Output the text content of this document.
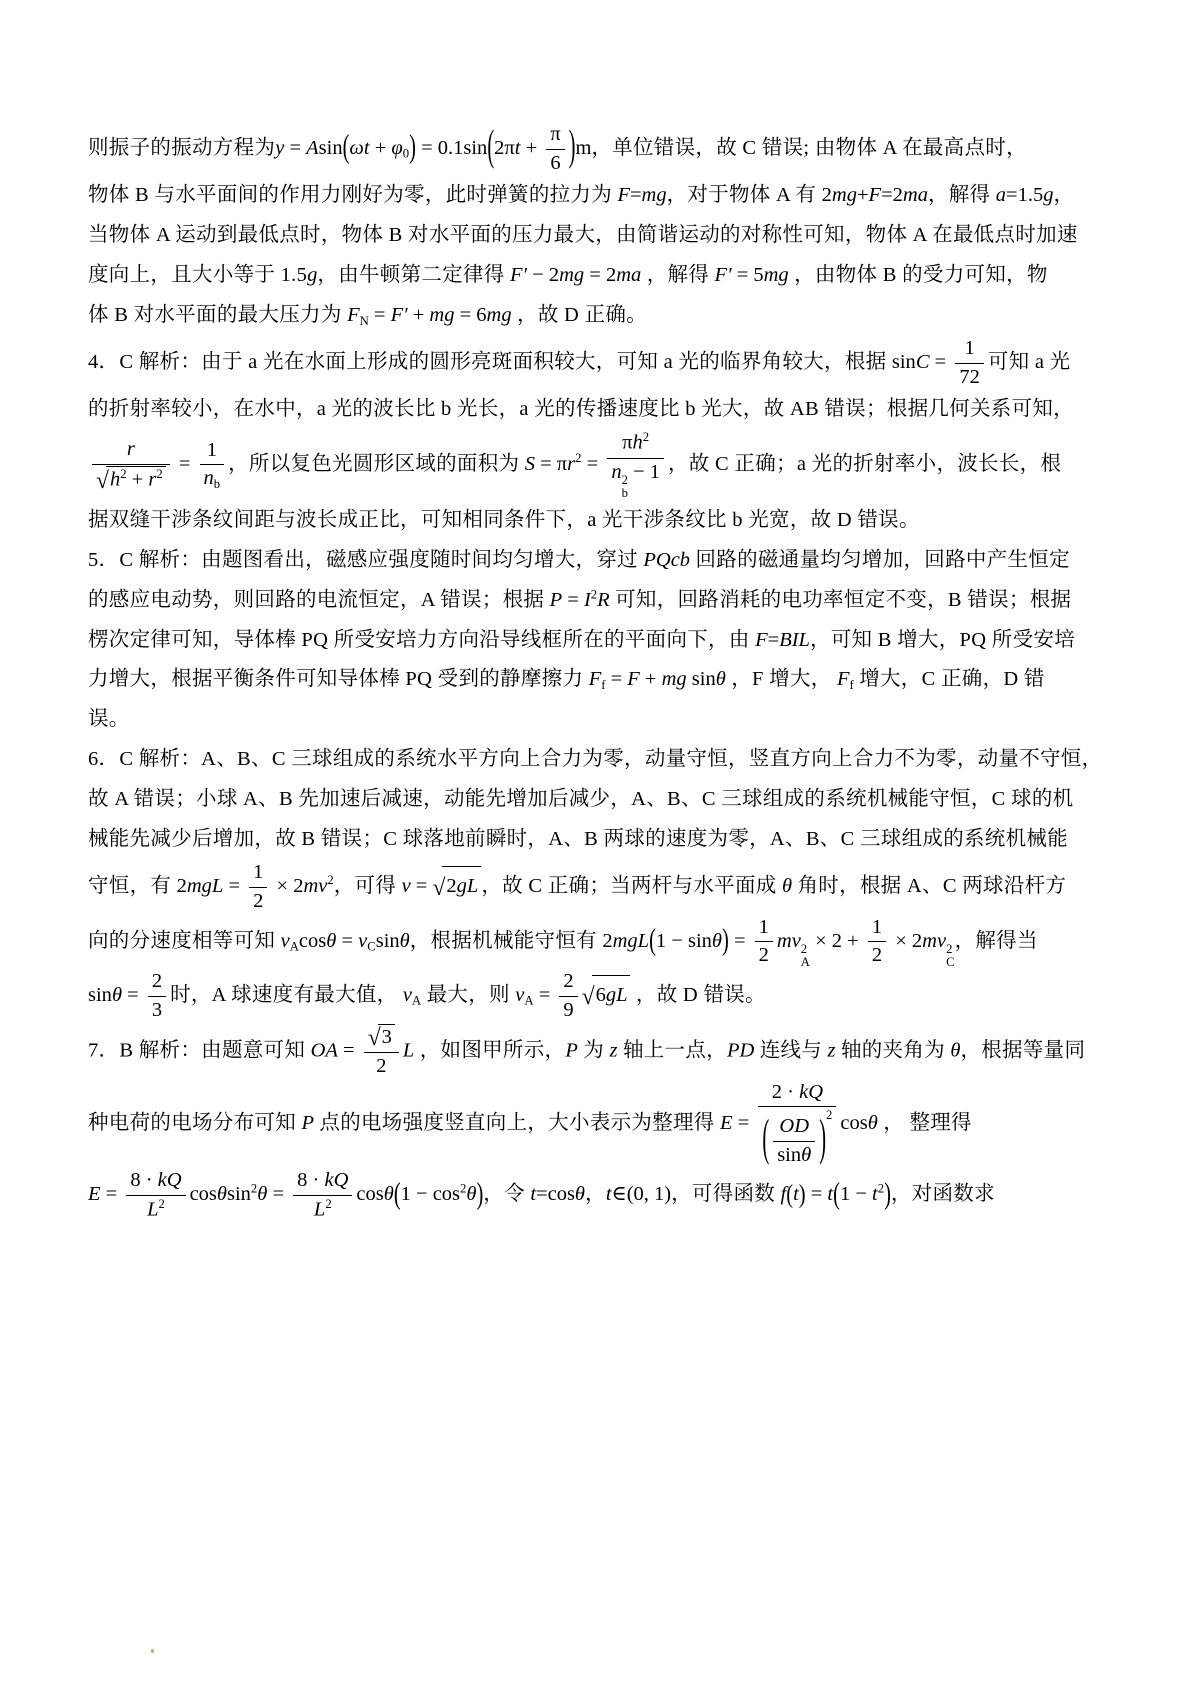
则振子的振动方程为$y = Asin(\omega t + \varphi 0) = 0.1\sin(2\pi t + \frac{\pi}{6} )m$，单位错误，故 C 错误; 由物体 A 在最高点时，
物体 B 与水平面间的作用力刚好为零，此时弹簧的拉力为 F=mg，对于物体 A 有 2mg+F=2ma，解得 a=1.5g，
当物体 A 运动到最低点时，物体 B 对水平面的压力最大，由简谐运动的对称性可知，物体 A 在最低点时加速
度向上，且大小等于 1.5g，由牛顿第二定律得 F′ − 2mg = 2ma ，解得 F′ = 5mg ，由物体 B 的受力可知，物
体 B 对水平面的最大压力为 FN = F′ + mg = 6mg ，故 D 正确。
4．C 解析：由于 a 光在水面上形成的圆形亮斑面积较大，可知 a 光的临界角较大，根据 $\sin C = \frac{1}{72}$ 可知 a 光
的折射率较小，在水中，a 光的波长比 b 光长，a 光的传播速度比 b 光大，故 AB 错误；根据几何关系可知，
$\frac{r}{√h^2 + r^2} = \frac{1}{nb}$ ，所以复色光圆形区域的面积为 $S = \pi r^2 = \pi h^2$
n 2
b
− 1 ，故 C 正确；a 光的折射率小，波长长，根
据双缝干涉条纹间距与波长成正比，可知相同条件下，a 光干涉条纹比 b 光宽，故 D 错误。
5．C 解析：由题图看出，磁感应强度随时间均匀增大，穿过 PQcb 回路的磁通量均匀增加，回路中产生恒定
的感应电动势，则回路的电流恒定，A 错误；根据 $P = I^2R$ 可知，回路消耗的电功率恒定不变，B 错误；根据
楞次定律可知，导体棒 PQ 所受安培力方向沿导线框所在的平面向下，由 F=BIL，可知 B 增大，PQ 所受安培
力增大，根据平衡条件可知导体棒 PQ 受到的静摩擦力 Ff = F + mg sinθ ，F 增大， Ff 增大，C 正确，D 错
误。
6．C 解析：A、B、C 三球组成的系统水平方向上合力为零，动量守恒，竖直方向上合力不为零，动量不守恒，
故 A 错误；小球 A、B 先加速后减速，动能先增加后减少，A、B、C 三球组成的系统机械能守恒，C 球的机
械能先减少后增加，故 B 错误；C 球落地前瞬时，A、B 两球的速度为零，A、B、C 三球组成的系统机械能
守恒，有 $2mgL = \frac{1}{2} \times 2mv^2$，可得 v = √2gL ，故 C 正确；当两杆与水平面成 θ 角时，根据 A、C 两球沿杆方
向的分速度相等可知 vAcosθ = vCsinθ，根据机械能守恒有 $2mgL(1 - \sin\theta) = \frac{1}{2}$ mv 2
A
× $2 + \frac{1}{2} \times 2mv$ 2
C
，解得当
$\sin\theta = \frac{2}{3}$ 时，A 球速度有最大值， vA 最大，则 vA = $\frac{2}{9} √6gL$ ，故 D 错误。
7．B 解析：由题意可知 OA = $\frac{√3}{2}$ L ，如图甲所示，P 为 z 轴上一点，PD 连线与 z 轴的夹角为 θ，根据等量同
种电荷的电场分布可知 P 点的电场强度竖直向上，大小表示为整理得 $E = \frac{2 \cdot kQ}{( \frac{OD}{\sin\theta} )^2}$ cosθ ， 整理得
$E = \frac{8 \cdot kQ}{L^2} \cos\theta\sin^2\theta = \frac{8 \cdot kQ}{L^2} \cos\theta(1 - \cos^2\theta)$，令 t=cosθ，t∈(0, 1)，可得函数 $f(t) = t(1 - t^2)$，对函数求
